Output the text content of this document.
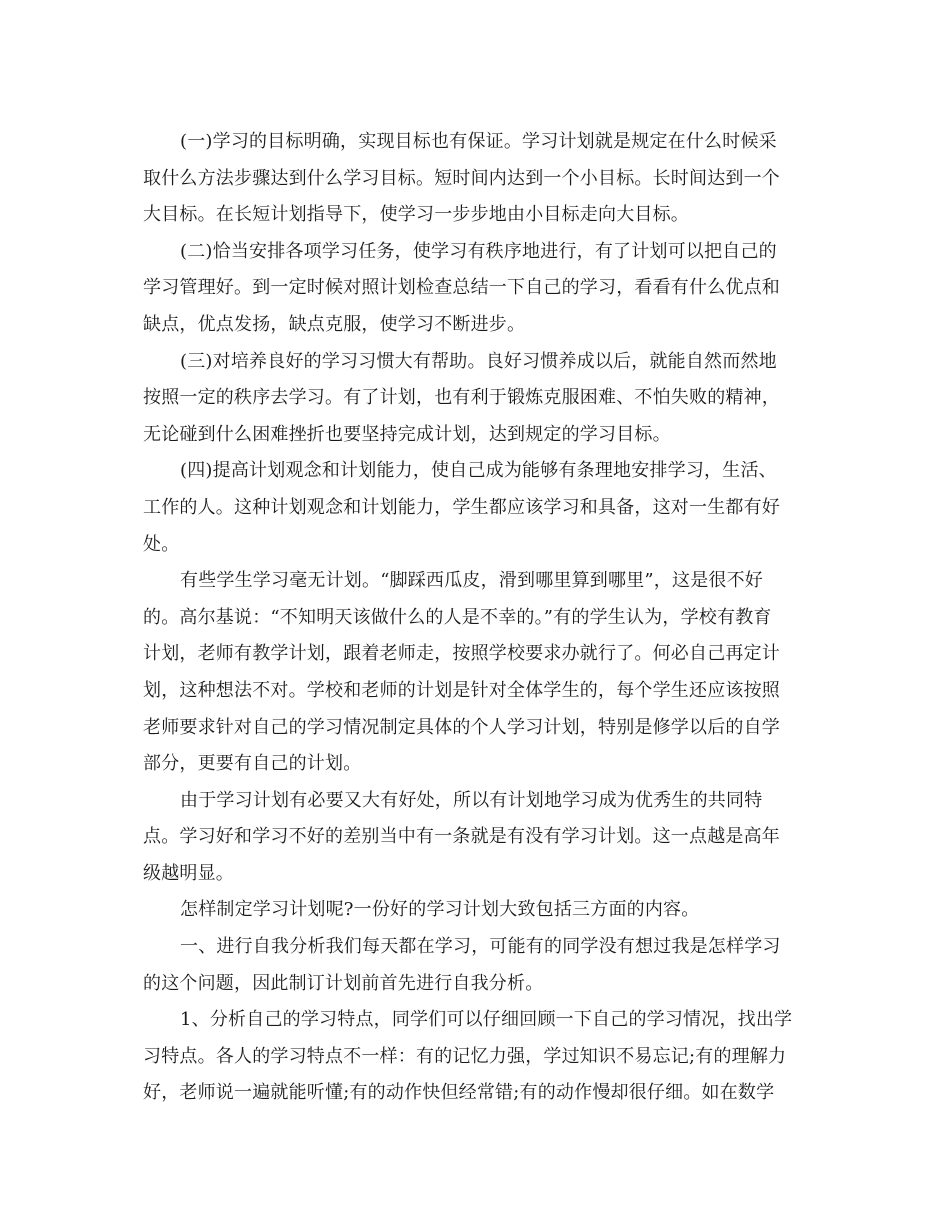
(一)学习的目标明确，实现目标也有保证。学习计划就是规定在什么时候采
取什么方法步骤达到什么学习目标。短时间内达到一个小目标。长时间达到一个
大目标。在长短计划指导下，使学习一步步地由小目标走向大目标。
(二)恰当安排各项学习任务，使学习有秩序地进行，有了计划可以把自己的
学习管理好。到一定时候对照计划检查总结一下自己的学习，看看有什么优点和
缺点，优点发扬，缺点克服，使学习不断进步。
(三)对培养良好的学习习惯大有帮助。良好习惯养成以后，就能自然而然地
按照一定的秩序去学习。有了计划，也有利于锻炼克服困难、不怕失败的精神，
无论碰到什么困难挫折也要坚持完成计划，达到规定的学习目标。
(四)提高计划观念和计划能力，使自己成为能够有条理地安排学习，生活、
工作的人。这种计划观念和计划能力，学生都应该学习和具备，这对一生都有好
处。
有些学生学习毫无计划。“脚踩西瓜皮，滑到哪里算到哪里”，这是很不好
的。高尔基说：“不知明天该做什么的人是不幸的。”有的学生认为，学校有教育
计划，老师有教学计划，跟着老师走，按照学校要求办就行了。何必自己再定计
划，这种想法不对。学校和老师的计划是针对全体学生的，每个学生还应该按照
老师要求针对自己的学习情况制定具体的个人学习计划，特别是修学以后的自学
部分，更要有自己的计划。
由于学习计划有必要又大有好处，所以有计划地学习成为优秀生的共同特
点。学习好和学习不好的差别当中有一条就是有没有学习计划。这一点越是高年
级越明显。
怎样制定学习计划呢?一份好的学习计划大致包括三方面的内容。
一、进行自我分析我们每天都在学习，可能有的同学没有想过我是怎样学习
的这个问题，因此制订计划前首先进行自我分析。
1、分析自己的学习特点，同学们可以仔细回顾一下自己的学习情况，找出学
习特点。各人的学习特点不一样：有的记忆力强，学过知识不易忘记;有的理解力
好，老师说一遍就能听懂;有的动作快但经常错;有的动作慢却很仔细。如在数学
